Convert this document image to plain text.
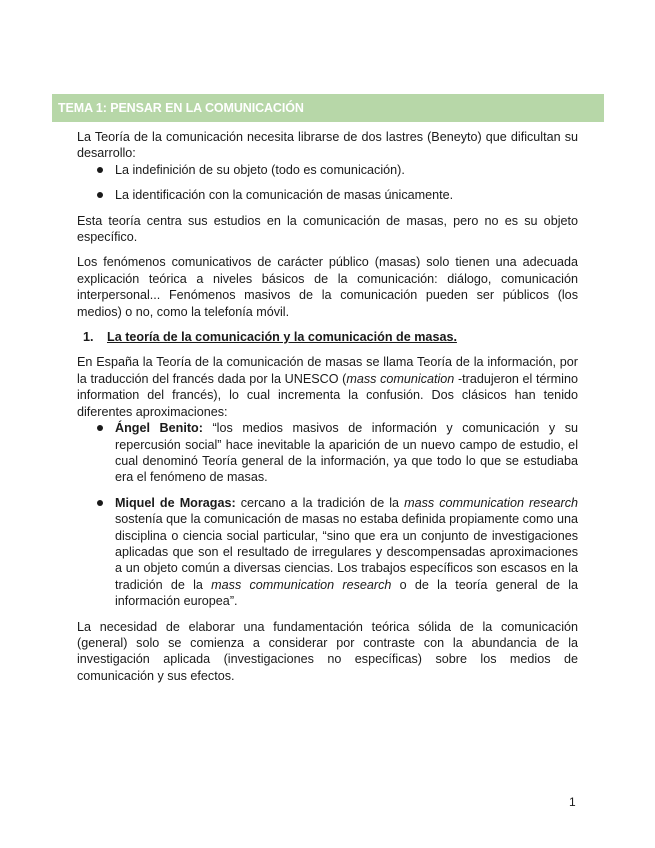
TEMA 1: PENSAR EN LA COMUNICACIÓN

La Teoría de la comunicación necesita librarse de dos lastres (Beneyto) que dificultan su desarrollo:

La indefinición de su objeto (todo es comunicación).
La identificación con la comunicación de masas únicamente.

Esta teoría centra sus estudios en la comunicación de masas, pero no es su objeto específico.

Los fenómenos comunicativos de carácter público (masas) solo tienen una adecuada explicación teórica a niveles básicos de la comunicación: diálogo, comunicación interpersonal... Fenómenos masivos de la comunicación pueden ser públicos (los medios) o no, como la telefonía móvil.

1. La teoría de la comunicación y la comunicación de masas.

En España la Teoría de la comunicación de masas se llama Teoría de la información, por la traducción del francés dada por la UNESCO (mass comunication -tradujeron el término information del francés), lo cual incrementa la confusión. Dos clásicos han tenido diferentes aproximaciones:

Ángel Benito: “los medios masivos de información y comunicación y su repercusión social” hace inevitable la aparición de un nuevo campo de estudio, el cual denominó Teoría general de la información, ya que todo lo que se estudiaba era el fenómeno de masas.
Miquel de Moragas: cercano a la tradición de la mass communication research sostenía que la comunicación de masas no estaba definida propiamente como una disciplina o ciencia social particular, “sino que era un conjunto de investigaciones aplicadas que son el resultado de irregulares y descompensadas aproximaciones a un objeto común a diversas ciencias. Los trabajos específicos son escasos en la tradición de la mass communication research o de la teoría general de la información europea”.

La necesidad de elaborar una fundamentación teórica sólida de la comunicación (general) solo se comienza a considerar por contraste con la abundancia de la investigación aplicada (investigaciones no específicas) sobre los medios de comunicación y sus efectos.

1
